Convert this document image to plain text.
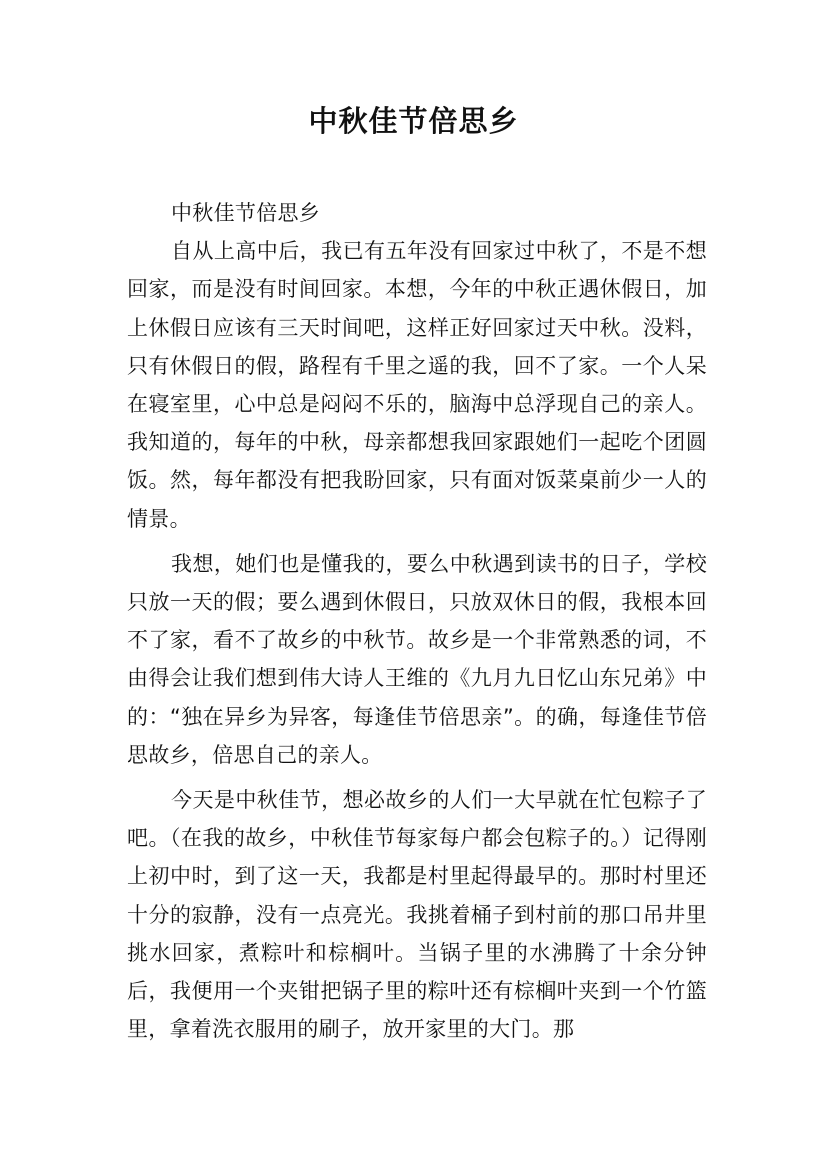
中秋佳节倍思乡

中秋佳节倍思乡

自从上高中后，我已有五年没有回家过中秋了，不是不想回家，而是没有时间回家。本想，今年的中秋正遇休假日，加上休假日应该有三天时间吧，这样正好回家过天中秋。没料，只有休假日的假，路程有千里之遥的我，回不了家。一个人呆在寝室里，心中总是闷闷不乐的，脑海中总浮现自己的亲人。我知道的，每年的中秋，母亲都想我回家跟她们一起吃个团圆饭。然，每年都没有把我盼回家，只有面对饭菜桌前少一人的情景。

我想，她们也是懂我的，要么中秋遇到读书的日子，学校只放一天的假；要么遇到休假日，只放双休日的假，我根本回不了家，看不了故乡的中秋节。故乡是一个非常熟悉的词，不由得会让我们想到伟大诗人王维的《九月九日忆山东兄弟》中的：“独在异乡为异客，每逢佳节倍思亲”。的确，每逢佳节倍思故乡，倍思自己的亲人。

今天是中秋佳节，想必故乡的人们一大早就在忙包粽子了吧。（在我的故乡，中秋佳节每家每户都会包粽子的。）记得刚上初中时，到了这一天，我都是村里起得最早的。那时村里还十分的寂静，没有一点亮光。我挑着桶子到村前的那口吊井里挑水回家，煮粽叶和棕榈叶。当锅子里的水沸腾了十余分钟后，我便用一个夹钳把锅子里的粽叶还有棕榈叶夹到一个竹篮里，拿着洗衣服用的刷子，放开家里的大门。那
